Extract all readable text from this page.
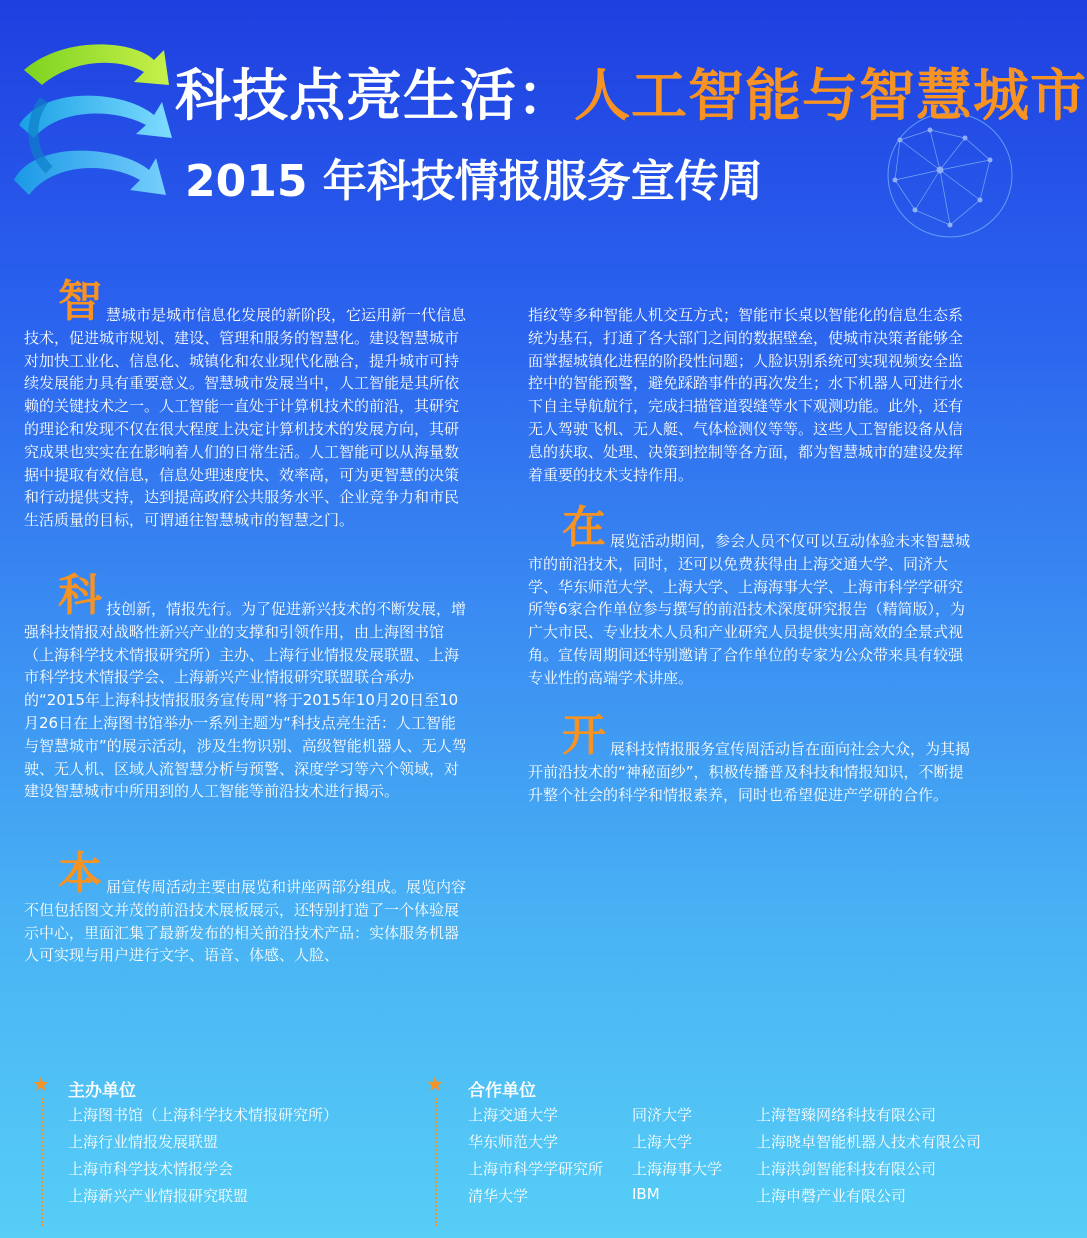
科技点亮生活：人工智能与智慧城市
2015 年科技情报服务宣传周

智慧城市是城市信息化发展的新阶段，它运用新一代信息技术，促进城市规划、建设、管理和服务的智慧化。建设智慧城市对加快工业化、信息化、城镇化和农业现代化融合，提升城市可持续发展能力具有重要意义。智慧城市发展当中，人工智能是其所依赖的关键技术之一。人工智能一直处于计算机技术的前沿，其研究的理论和发现不仅在很大程度上决定计算机技术的发展方向，其研究成果也实实在在影响着人们的日常生活。人工智能可以从海量数据中提取有效信息，信息处理速度快、效率高，可为更智慧的决策和行动提供支持，达到提高政府公共服务水平、企业竞争力和市民生活质量的目标，可谓通往智慧城市的智慧之门。

科技创新，情报先行。为了促进新兴技术的不断发展，增强科技情报对战略性新兴产业的支撑和引领作用，由上海图书馆（上海科学技术情报研究所）主办、上海行业情报发展联盟、上海市科学技术情报学会、上海新兴产业情报研究联盟联合承办的“2015年上海科技情报服务宣传周”将于2015年10月20日至10月26日在上海图书馆举办一系列主题为“科技点亮生活：人工智能与智慧城市”的展示活动，涉及生物识别、高级智能机器人、无人驾驶、无人机、区域人流智慧分析与预警、深度学习等六个领域，对建设智慧城市中所用到的人工智能等前沿技术进行揭示。

本届宣传周活动主要由展览和讲座两部分组成。展览内容不但包括图文并茂的前沿技术展板展示，还特别打造了一个体验展示中心，里面汇集了最新发布的相关前沿技术产品：实体服务机器人可实现与用户进行文字、语音、体感、人脸、

指纹等多种智能人机交互方式；智能市长桌以智能化的信息生态系统为基石，打通了各大部门之间的数据壁垒，使城市决策者能够全面掌握城镇化进程的阶段性问题；人脸识别系统可实现视频安全监控中的智能预警，避免踩踏事件的再次发生；水下机器人可进行水下自主导航航行，完成扫描管道裂缝等水下观测功能。此外，还有无人驾驶飞机、无人艇、气体检测仪等等。这些人工智能设备从信息的获取、处理、决策到控制等各方面，都为智慧城市的建设发挥着重要的技术支持作用。

在展览活动期间，参会人员不仅可以互动体验未来智慧城市的前沿技术，同时，还可以免费获得由上海交通大学、同济大学、华东师范大学、上海大学、上海海事大学、上海市科学学研究所等6家合作单位参与撰写的前沿技术深度研究报告（精简版），为广大市民、专业技术人员和产业研究人员提供实用高效的全景式视角。宣传周期间还特别邀请了合作单位的专家为公众带来具有较强专业性的高端学术讲座。

开展科技情报服务宣传周活动旨在面向社会大众，为其揭开前沿技术的“神秘面纱”，积极传播普及科技和情报知识，不断提升整个社会的科学和情报素养，同时也希望促进产学研的合作。

★ 主办单位
上海图书馆（上海科学技术情报研究所）
上海行业情报发展联盟
上海市科学技术情报学会
上海新兴产业情报研究联盟
★ 合作单位
上海交通大学
华东师范大学
上海市科学学研究所
清华大学
同济大学
上海大学
上海海事大学
IBM
上海智臻网络科技有限公司
上海晓卓智能机器人技术有限公司
上海洪剑智能科技有限公司
上海申磬产业有限公司
